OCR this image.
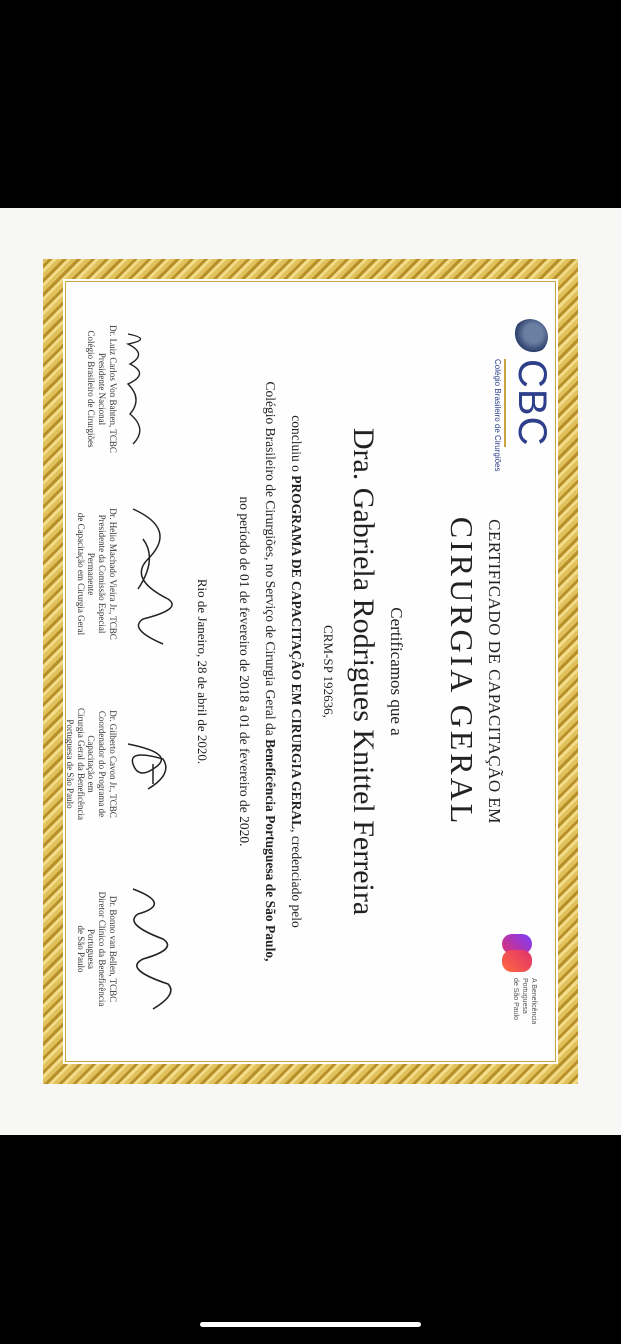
CBC
Colégio Brasileiro de Cirurgiões
A Beneficência
Portuguesa
de São Paulo
CERTIFICADO DE CAPACITAÇÃO EM
CIRURGIA GERAL
Certificamos que a
Dra. Gabriela Rodrigues Knittel Ferreira
CRM-SP 192636,
concluiu o PROGRAMA DE CAPACITAÇÃO EM CIRURGIA GERAL, credenciado pelo
Colégio Brasileiro de Cirurgiões, no Serviço de Cirurgia Geral da Beneficência Portuguesa de São Paulo,
no período de 01 de fevereiro de 2018 a 01 de fevereiro de 2020.
Rio de Janeiro, 28 de abril de 2020.
Dr. Luiz Carlos Von Bahten, TCBC
Presidente Nacional
Colégio Brasileiro de Cirurgiões
Dr. Helio Machado Vieira Jr., TCBC
Presidente da Comissão Especial Permanente
de Capacitação em Cirurgia Geral
Dr. Gilberto Cavon Jr., TCBC
Coordenador do Programa de Capacitação em
Cirurgia Geral da Beneficência Portuguesa de São Paulo
Dr. Bonno van Bellen, TCBC
Diretor Clínico da Beneficência Portuguesa
de São Paulo
